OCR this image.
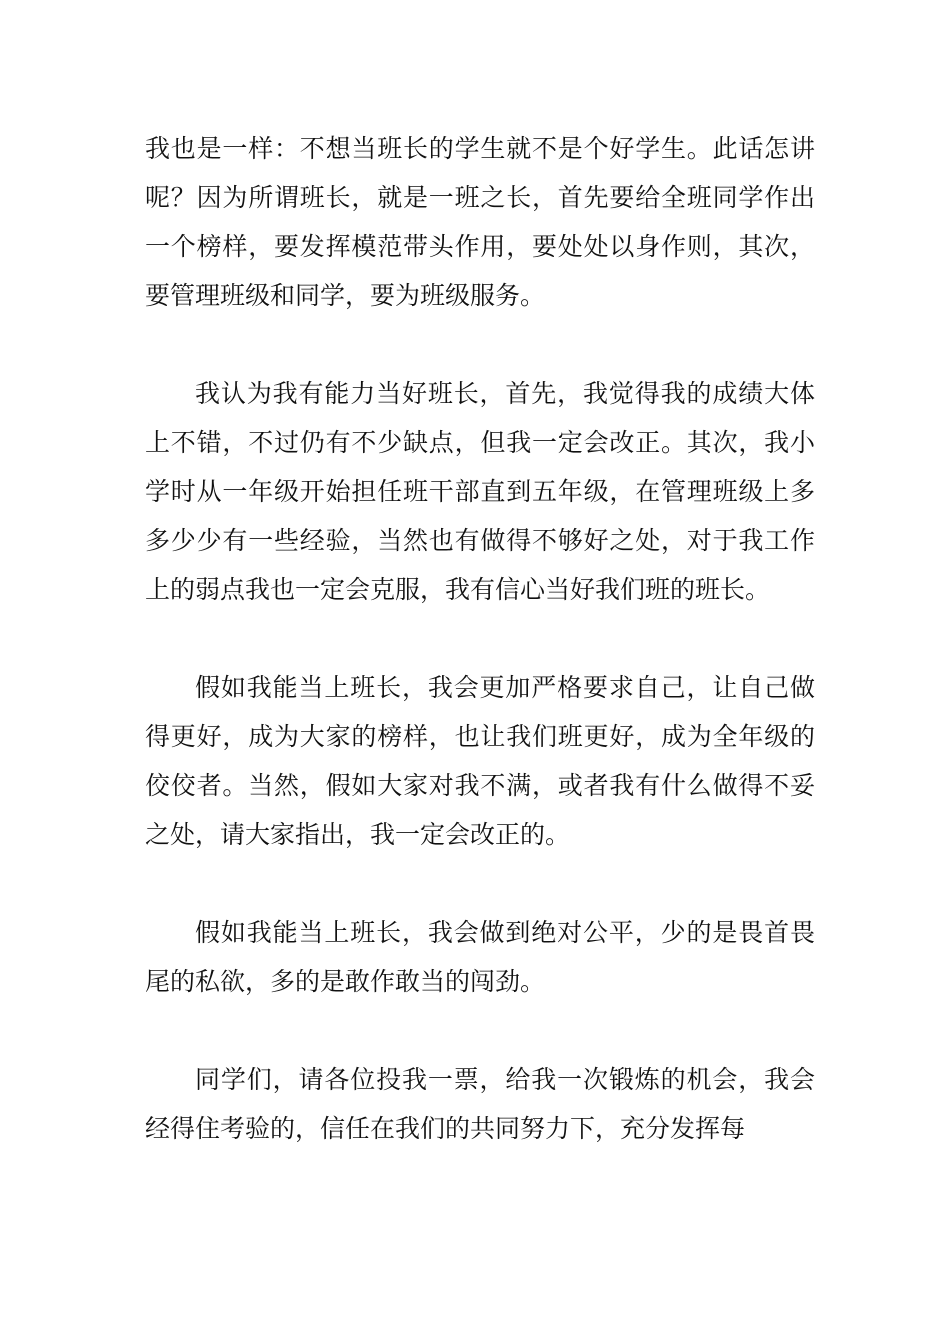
我也是一样：不想当班长的学生就不是个好学生。此话怎讲呢？因为所谓班长，就是一班之长，首先要给全班同学作出一个榜样，要发挥模范带头作用，要处处以身作则，其次，要管理班级和同学，要为班级服务。

我认为我有能力当好班长，首先，我觉得我的成绩大体上不错，不过仍有不少缺点，但我一定会改正。其次，我小学时从一年级开始担任班干部直到五年级，在管理班级上多多少少有一些经验，当然也有做得不够好之处，对于我工作上的弱点我也一定会克服，我有信心当好我们班的班长。

假如我能当上班长，我会更加严格要求自己，让自己做得更好，成为大家的榜样，也让我们班更好，成为全年级的佼佼者。当然，假如大家对我不满，或者我有什么做得不妥之处，请大家指出，我一定会改正的。

假如我能当上班长，我会做到绝对公平，少的是畏首畏尾的私欲，多的是敢作敢当的闯劲。

同学们，请各位投我一票，给我一次锻炼的机会，我会经得住考验的，信任在我们的共同努力下，充分发挥每
